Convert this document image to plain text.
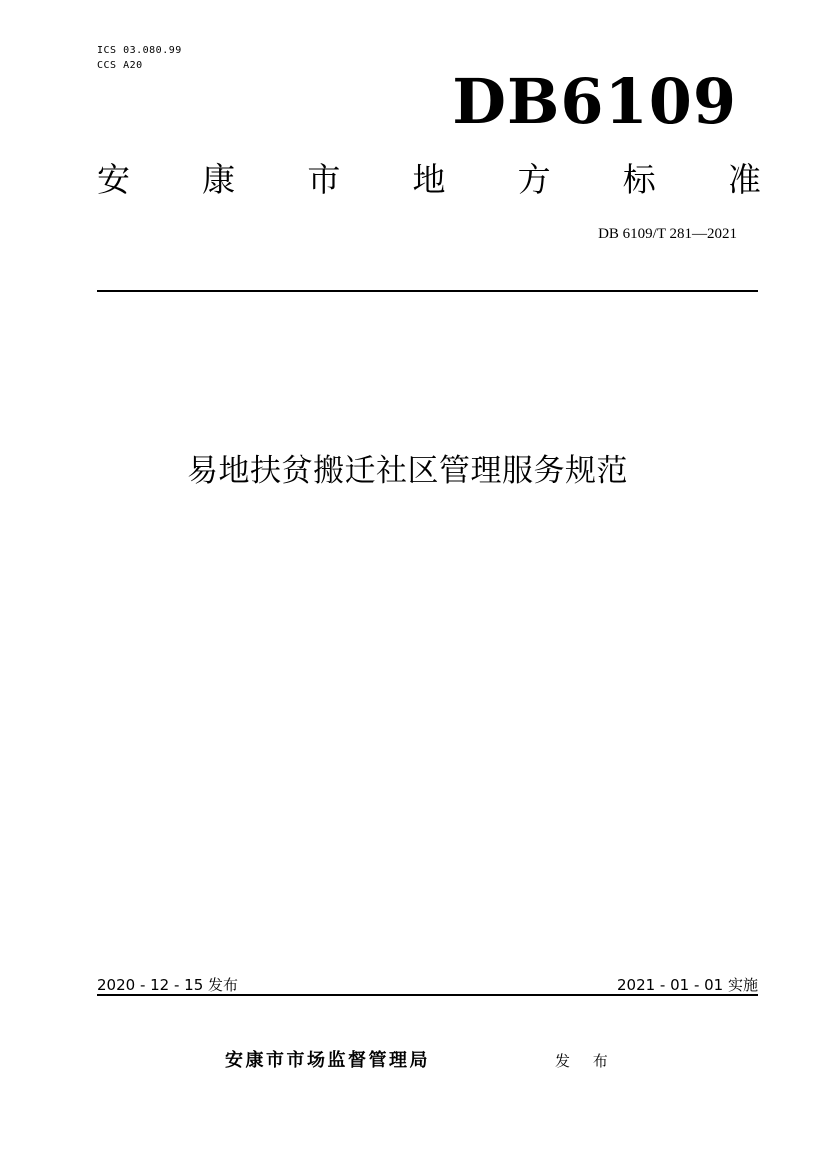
ICS 03.080.99
CCS A20	DB6109
安 康 市 地 方 标 准
DB 6109/T 281—2021
易地扶贫搬迁社区管理服务规范
2020 - 12 - 15 发布	2021 - 01 - 01 实施
安康市市场监督管理局	发 布
